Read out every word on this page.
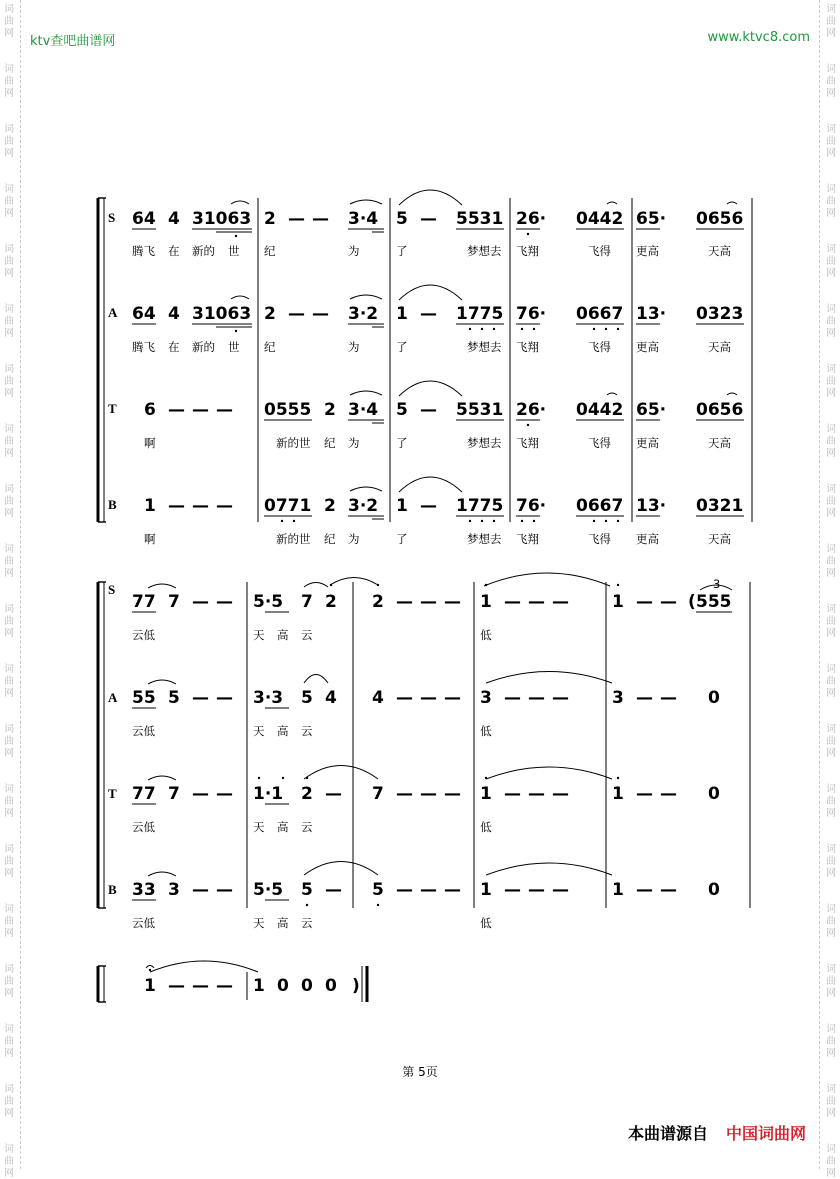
词
曲
网
词
曲
网
词
曲
网
词
曲
网
词
曲
网
词
曲
网
词
曲
网
词
曲
网
词
曲
网
词
曲
网
词
曲
网
词
曲
网
词
曲
网
词
曲
网
词
曲
网
词
曲
网
词
曲
网
词
曲
网
词
曲
网
词
曲
网
词
曲
网
词
曲
网
词
曲
网
词
曲
网
词
曲
网
词
曲
网
词
曲
网
词
曲
网
词
曲
网
词
曲
网
词
曲
网
词
曲
网
词
曲
网
词
曲
网
词
曲
网
词
曲
网
词
曲
网
词
曲
网
词
曲
网
词
曲
网
ktv查吧曲谱网	www.ktvc8.com
S 64 4 31063 2 — — 3·4 5 — 5531 26· 0442 65· 0656
腾飞 在 新的 世 纪	为	了	梦想去 飞翔	飞得 更高	天高
A 64 4 31063 2 — — 3·2 1 — 1775 76· 0667 13· 0323
腾飞 在 新的 世 纪	为	了	梦想去 飞翔	飞得 更高	天高
T 6 — — — 0555 2 3·4 5 — 5531 26· 0442 65· 0656
啊	新的世 纪 为	了	梦想去 飞翔	飞得 更高	天高
B 1 — — — 0771 2 3·2 1 — 1775 76· 0667 13· 0321
啊	新的世 纪 为	了	梦想去 飞翔	飞得 更高	天高
S
77 7 — — 5·5 7 2 2 — — — 1 — — —	1 — — ( 555
3
云低	天 高 云	低
A 55 5 — — 3·3 5 4 4 — — — 3 — — —	3 — — 0
云低	天 高 云	低
T 77 7 — — 1·1 2 — 7 — — — 1 — — —	1 — — 0
云低	天 高 云	低
B 33 3 — — 5·5 5 — 5 — — — 1 — — —	1 — — 0
云低	天 高 云	低
1 — — — 1 0 0 0 )
第 5页
本曲谱源自 中国词曲网
